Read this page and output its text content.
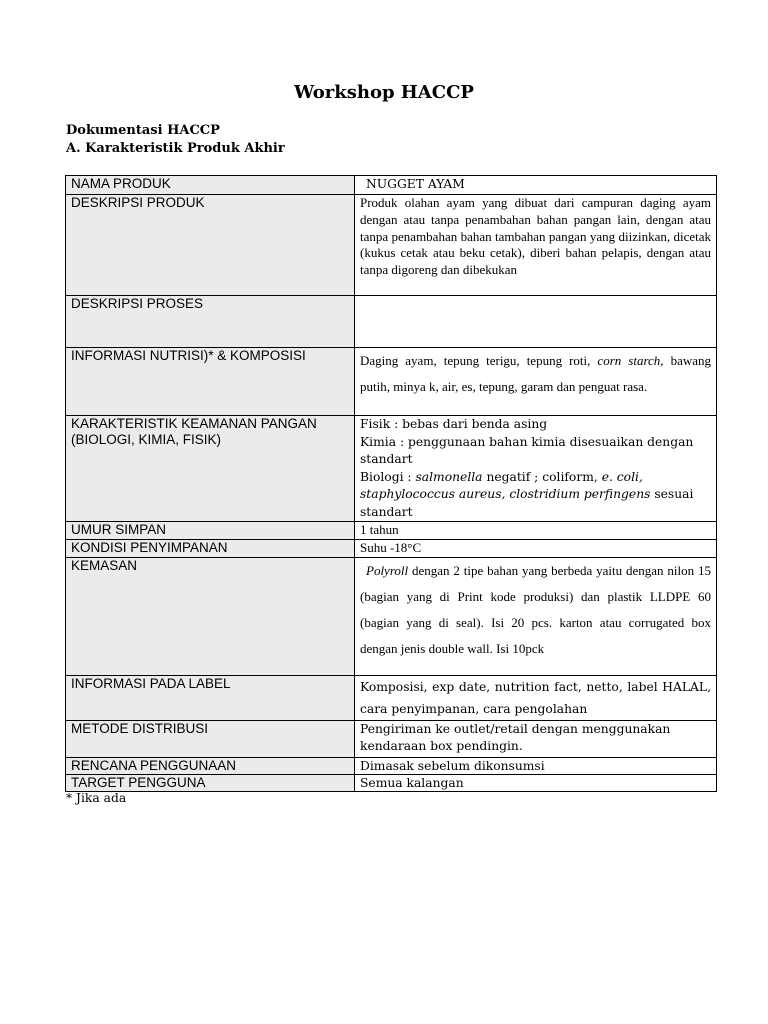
Workshop HACCP
Dokumentasi HACCP
A. Karakteristik Produk Akhir
NAMA PRODUK	NUGGET AYAM

DESKRIPSI PRODUK	Produk olahan ayam yang dibuat dari campuran daging ayam dengan atau tanpa penambahan bahan pangan lain, dengan atau tanpa penambahan bahan tambahan pangan yang diizinkan, dicetak (kukus cetak atau beku cetak), diberi bahan pelapis, dengan atau tanpa digoreng dan dibekukan

DESKRIPSI PROSES	

INFORMASI NUTRISI)* & KOMPOSISI	Daging ayam, tepung terigu, tepung roti, corn starch, bawang putih, minya k, air, es, tepung, garam dan penguat rasa.

KARAKTERISTIK KEAMANAN PANGAN (BIOLOGI, KIMIA, FISIK)	Fisik : bebas dari benda asing
Kimia : penggunaan bahan kimia disesuaikan dengan standart
Biologi : salmonella negatif ; coliform, e. coli, staphylococcus aureus, clostridium perfingens sesuai standart

UMUR SIMPAN	1 tahun

KONDISI PENYIMPANAN	Suhu -18°C

KEMASAN	Polyroll dengan 2 tipe bahan yang berbeda yaitu dengan nilon 15 (bagian yang di Print kode produksi) dan plastik LLDPE 60 (bagian yang di seal). Isi 20 pcs. karton atau corrugated box dengan jenis double wall. Isi 10pck

INFORMASI PADA LABEL	Komposisi, exp date, nutrition fact, netto, label HALAL, cara penyimpanan, cara pengolahan

METODE DISTRIBUSI	Pengiriman ke outlet/retail dengan menggunakan kendaraan box pendingin.

RENCANA PENGGUNAAN	Dimasak sebelum dikonsumsi

TARGET PENGGUNA	Semua kalangan
* Jika ada
